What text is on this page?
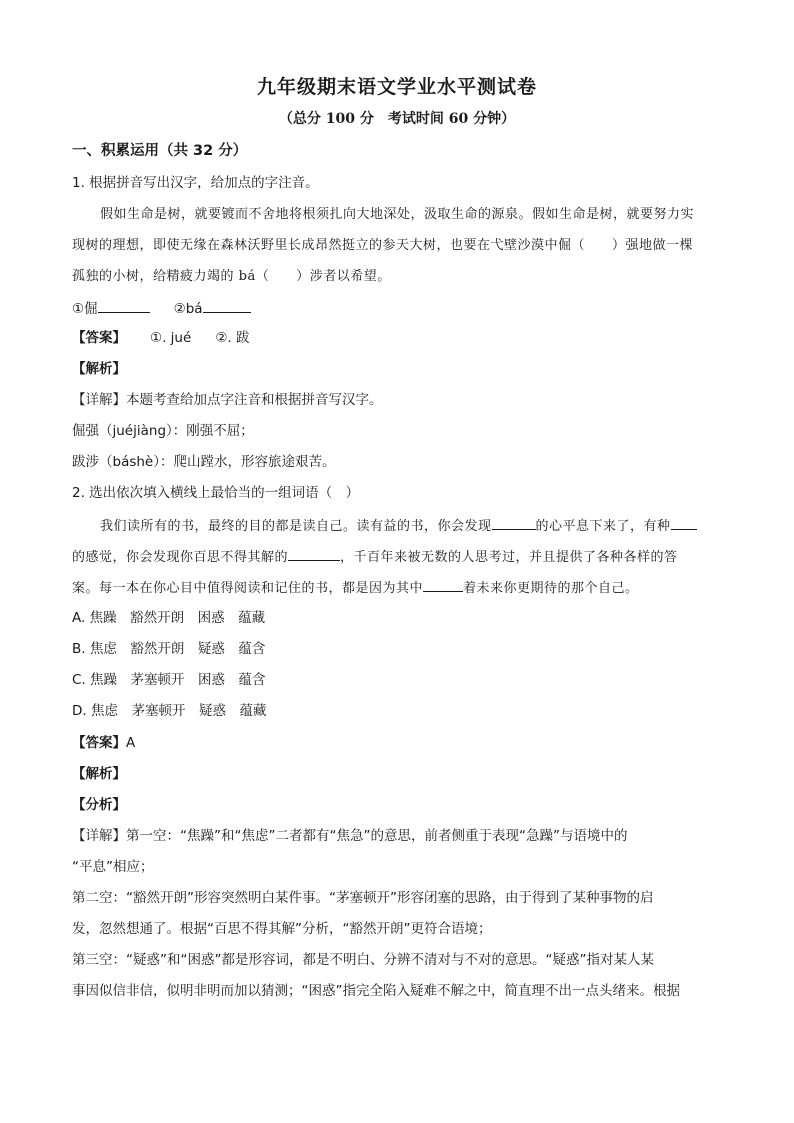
九年级期末语文学业水平测试卷
（总分 100 分　考试时间 60 分钟）
一、积累运用（共 32 分）
1. 根据拼音写出汉字，给加点的字注音。
假如生命是树，就要镀而不舍地将根须扎向大地深处，汲取生命的源泉。假如生命是树，就要努力实
现树的理想，即使无缘在森林沃野里长成昂然挺立的参天大树，也要在弋壁沙漠中倔（　　）强地做一棵
孤独的小树，给精疲力竭的 bá（　　）涉者以希望。
①倔	②bá
【答案】 ①. jué ②. 跋
【解析】
【详解】本题考查给加点字注音和根据拼音写汉字。
倔强（juéjiàng）：刚强不屈；
跋涉（báshè）：爬山蹚水，形容旅途艰苦。
2. 选出依次填入横线上最恰当的一组词语（　）
我们读所有的书，最终的目的都是读自己。读有益的书，你会发现	的心平息下来了，有种
的感觉，你会发现你百思不得其解的	，千百年来被无数的人思考过，并且提供了各种各样的答
案。每一本在你心目中值得阅读和记住的书，都是因为其中	着未来你更期待的那个自己。
A. 焦躁　豁然开朗　困惑　蕴藏
B. 焦虑　豁然开朗　疑惑　蕴含
C. 焦躁　茅塞顿开　困惑　蕴含
D. 焦虑　茅塞顿开　疑惑　蕴藏
【答案】A
【解析】
【分析】
【详解】第一空：“焦躁”和“焦虑”二者都有“焦急”的意思，前者侧重于表现“急躁”与语境中的
“平息”相应；
第二空：“豁然开朗”形容突然明白某件事。“茅塞顿开”形容闭塞的思路，由于得到了某种事物的启
发，忽然想通了。根据“百思不得其解”分析，“豁然开朗”更符合语境；
第三空：“疑惑”和“困惑”都是形容词，都是不明白、分辨不清对与不对的意思。“疑惑”指对某人某
事因似信非信，似明非明而加以猜测；“困惑”指完全陷入疑难不解之中，简直理不出一点头绪来。根据
